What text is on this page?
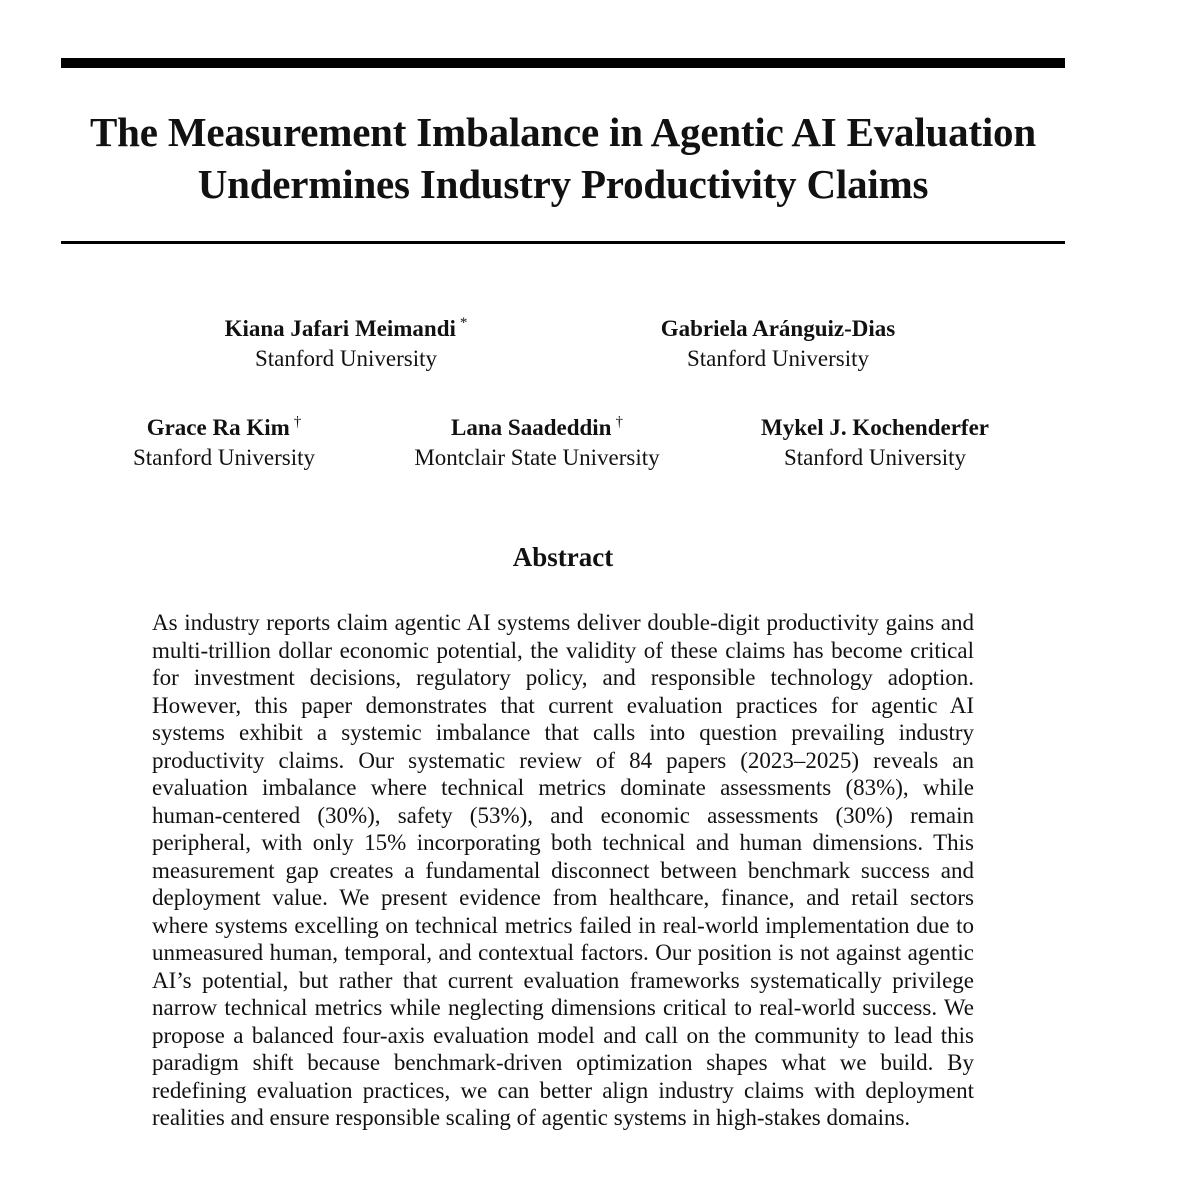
The Measurement Imbalance in Agentic AI Evaluation
Undermines Industry Productivity Claims
Kiana Jafari Meimandi *
Stanford University
Gabriela Aránguiz-Dias
Stanford University
Grace Ra Kim †
Stanford University
Lana Saadeddin †
Montclair State University
Mykel J. Kochenderfer
Stanford University
Abstract
As industry reports claim agentic AI systems deliver double-digit productivity gains and multi-trillion dollar economic potential, the validity of these claims has become critical for investment decisions, regulatory policy, and responsible technology adoption. However, this paper demonstrates that current evaluation practices for agentic AI systems exhibit a systemic imbalance that calls into question prevailing industry productivity claims. Our systematic review of 84 papers (2023–2025) reveals an evaluation imbalance where technical metrics dominate assessments (83%), while human-centered (30%), safety (53%), and economic assessments (30%) remain peripheral, with only 15% incorporating both technical and human dimensions. This measurement gap creates a fundamental disconnect between benchmark success and deployment value. We present evidence from healthcare, finance, and retail sectors where systems excelling on technical metrics failed in real-world implementation due to unmeasured human, temporal, and contextual factors. Our position is not against agentic AI’s potential, but rather that current evaluation frameworks systematically privilege narrow technical metrics while neglecting dimensions critical to real-world success. We propose a balanced four-axis evaluation model and call on the community to lead this paradigm shift because benchmark-driven optimization shapes what we build. By redefining evaluation practices, we can better align industry claims with deployment realities and ensure responsible scaling of agentic systems in high-stakes domains.
